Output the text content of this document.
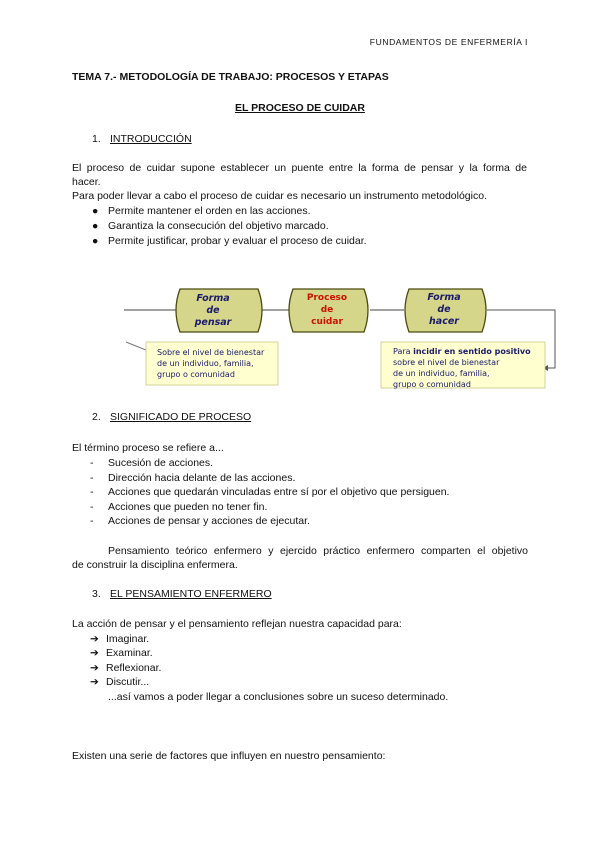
FUNDAMENTOS DE ENFERMERÍA I
TEMA 7.- METODOLOGÍA DE TRABAJO: PROCESOS Y ETAPAS
EL PROCESO DE CUIDAR
1. INTRODUCCIÓN
El proceso de cuidar supone establecer un puente entre la forma de pensar y la forma de
hacer.
Para poder llevar a cabo el proceso de cuidar es necesario un instrumento metodológico.
● Permite mantener el orden en las acciones.
● Garantiza la consecución del objetivo marcado.
● Permite justificar, probar y evaluar el proceso de cuidar.
Forma
de
pensar
Proceso
de
cuidar
Forma
de
hacer
Sobre el nivel de bienestar
de un individuo, familia,
grupo o comunidad
Para incidir en sentido positivo
sobre el nivel de bienestar
de un individuo, familia,
grupo o comunidad
2. SIGNIFICADO DE PROCESO
El término proceso se refiere a...
- Sucesión de acciones.
- Dirección hacia delante de las acciones.
- Acciones que quedarán vinculadas entre sí por el objetivo que persiguen.
- Acciones que pueden no tener fin.
- Acciones de pensar y acciones de ejecutar.
Pensamiento teórico enfermero y ejercido práctico enfermero comparten el objetivo
de construir la disciplina enfermera.
3. EL PENSAMIENTO ENFERMERO
La acción de pensar y el pensamiento reflejan nuestra capacidad para:
➔ Imaginar.
➔ Examinar.
➔ Reflexionar.
➔ Discutir...
...así vamos a poder llegar a conclusiones sobre un suceso determinado.
Existen una serie de factores que influyen en nuestro pensamiento:
